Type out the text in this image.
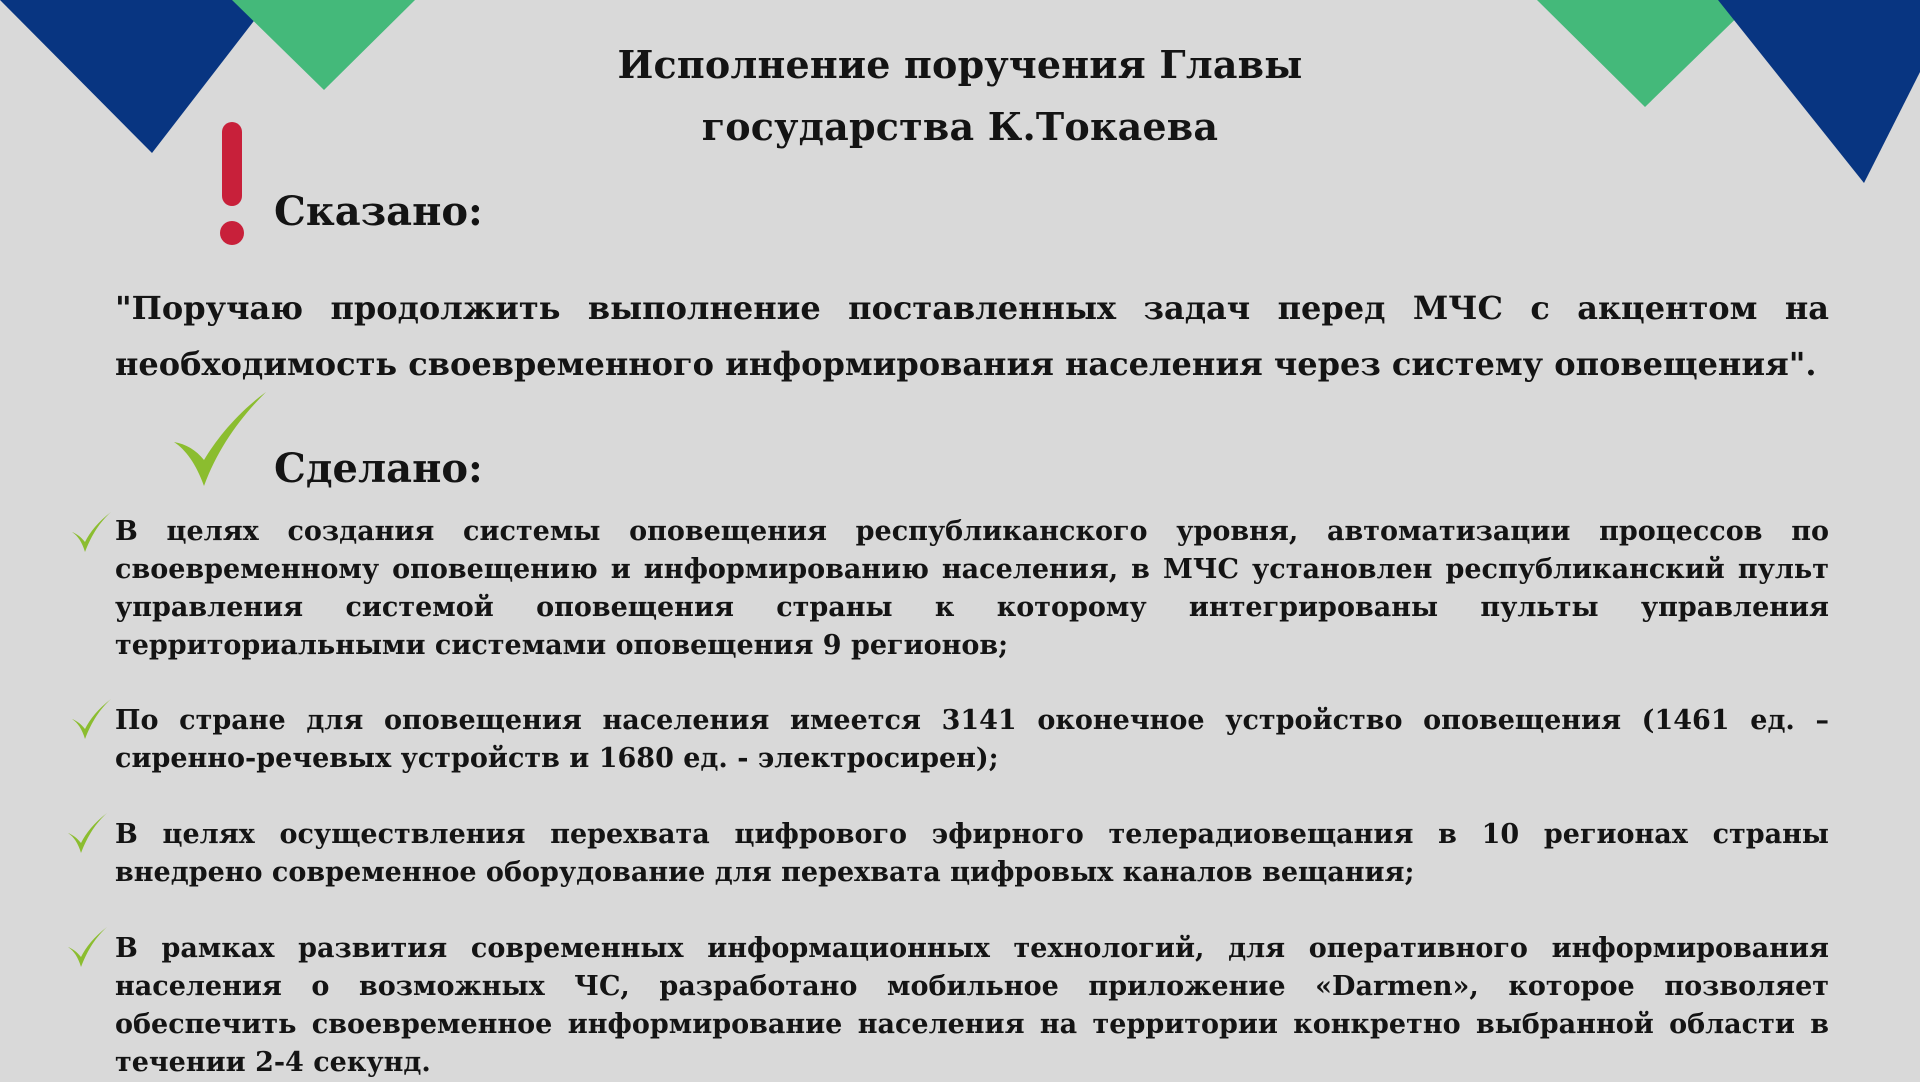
Исполнение поручения Главы
государства К.Токаева
Сказано:
"Поручаю продолжить выполнение поставленных задач перед МЧС с акцентом на необходимость своевременного информирования населения через систему оповещения".
Сделано:
В целях создания системы оповещения республиканского уровня, автоматизации процессов по своевременному оповещению и информированию населения, в МЧС установлен республиканский пульт управления системой оповещения страны к которому интегрированы пульты управления территориальными системами оповещения 9 регионов;
По стране для оповещения населения имеется 3141 оконечное устройство оповещения (1461 ед. – сиренно-речевых устройств и 1680 ед. - электросирен);
В целях осуществления перехвата цифрового эфирного телерадиовещания в 10 регионах страны внедрено современное оборудование для перехвата цифровых каналов вещания;
В рамках развития современных информационных технологий, для оперативного информирования населения о возможных ЧС, разработано мобильное приложение «Darmen», которое позволяет обеспечить своевременное информирование населения на территории конкретно выбранной области в течении 2-4 секунд.
